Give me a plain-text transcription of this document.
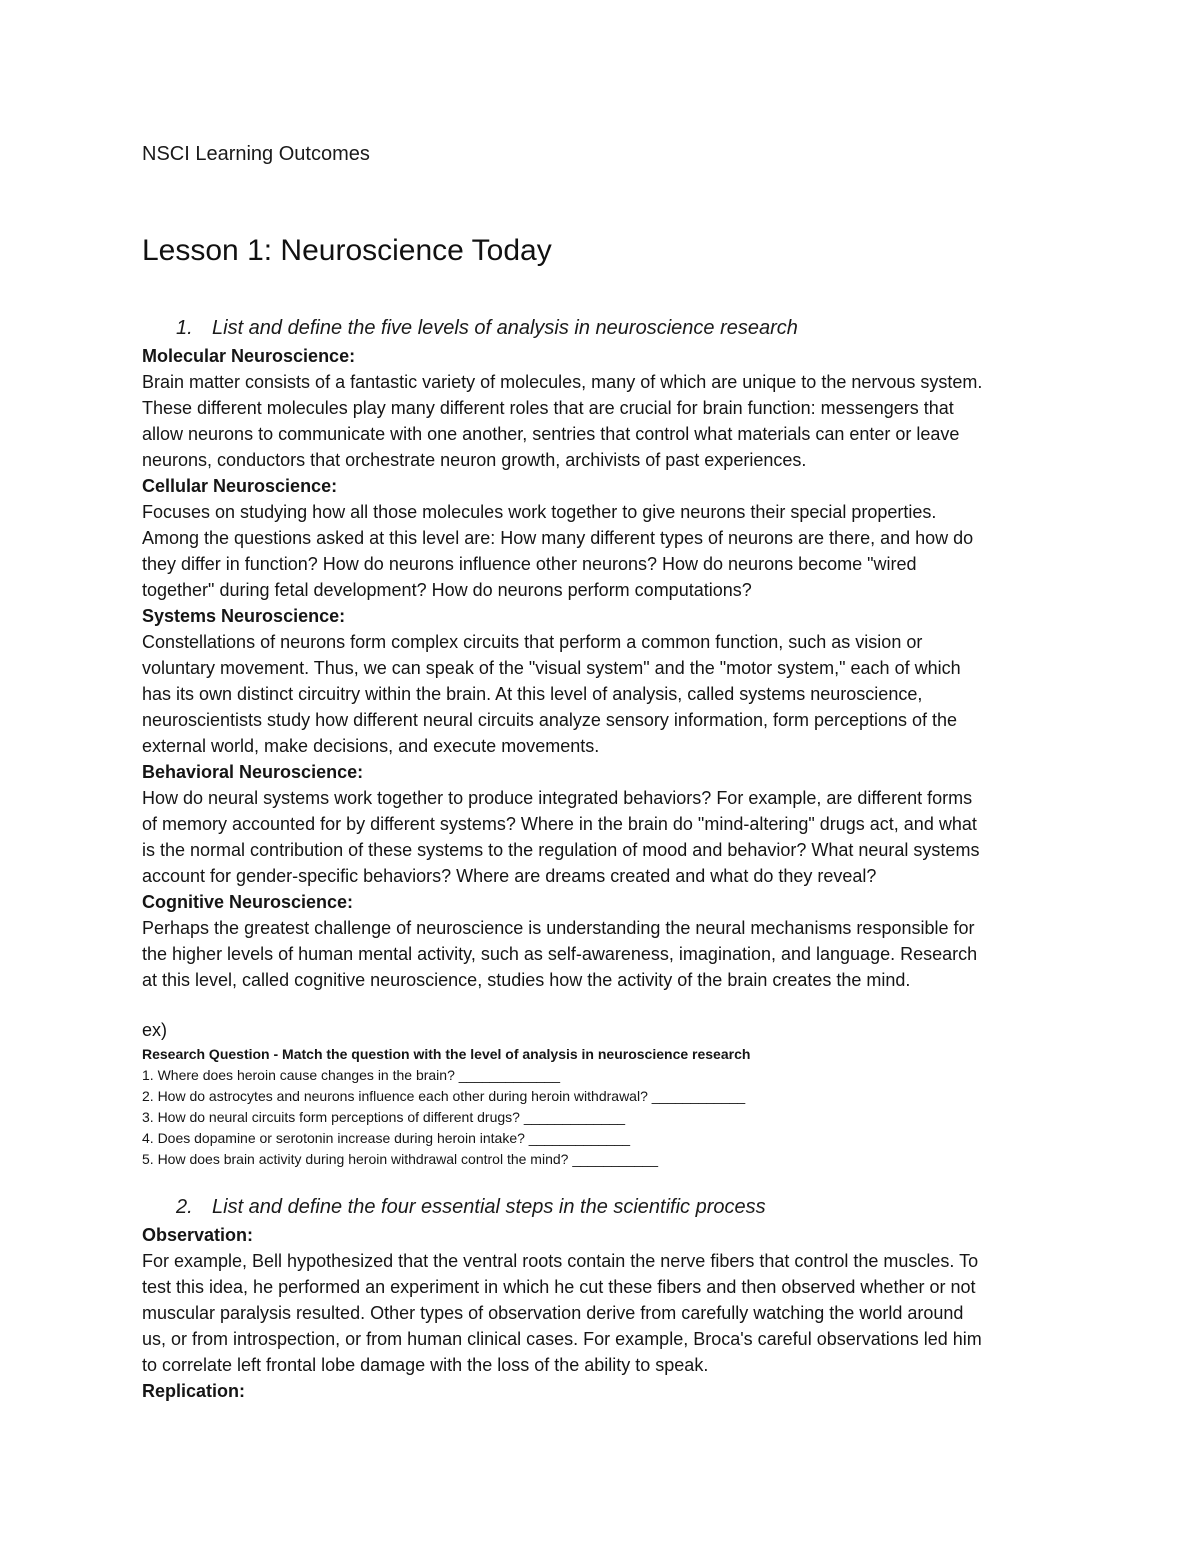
NSCI Learning Outcomes
Lesson 1: Neuroscience Today
1. List and define the five levels of analysis in neuroscience research
Molecular Neuroscience:
Brain matter consists of a fantastic variety of molecules, many of which are unique to the nervous system.
These different molecules play many different roles that are crucial for brain function: messengers that
allow neurons to communicate with one another, sentries that control what materials can enter or leave
neurons, conductors that orchestrate neuron growth, archivists of past experiences.
Cellular Neuroscience:
Focuses on studying how all those molecules work together to give neurons their special properties.
Among the questions asked at this level are: How many different types of neurons are there, and how do
they differ in function? How do neurons influence other neurons? How do neurons become "wired
together" during fetal development? How do neurons perform computations?
Systems Neuroscience:
Constellations of neurons form complex circuits that perform a common function, such as vision or
voluntary movement. Thus, we can speak of the "visual system" and the "motor system," each of which
has its own distinct circuitry within the brain. At this level of analysis, called systems neuroscience,
neuroscientists study how different neural circuits analyze sensory information, form perceptions of the
external world, make decisions, and execute movements.
Behavioral Neuroscience:
How do neural systems work together to produce integrated behaviors? For example, are different forms
of memory accounted for by different systems? Where in the brain do "mind-altering" drugs act, and what
is the normal contribution of these systems to the regulation of mood and behavior? What neural systems
account for gender-specific behaviors? Where are dreams created and what do they reveal?
Cognitive Neuroscience:
Perhaps the greatest challenge of neuroscience is understanding the neural mechanisms responsible for
the higher levels of human mental activity, such as self-awareness, imagination, and language. Research
at this level, called cognitive neuroscience, studies how the activity of the brain creates the mind.
ex)
Research Question - Match the question with the level of analysis in neuroscience research
1. Where does heroin cause changes in the brain? _____________
2. How do astrocytes and neurons influence each other during heroin withdrawal? ____________
3. How do neural circuits form perceptions of different drugs? _____________
4. Does dopamine or serotonin increase during heroin intake? _____________
5. How does brain activity during heroin withdrawal control the mind? ___________
2. List and define the four essential steps in the scientific process
Observation:
For example, Bell hypothesized that the ventral roots contain the nerve fibers that control the muscles. To
test this idea, he performed an experiment in which he cut these fibers and then observed whether or not
muscular paralysis resulted. Other types of observation derive from carefully watching the world around
us, or from introspection, or from human clinical cases. For example, Broca's careful observations led him
to correlate left frontal lobe damage with the loss of the ability to speak.
Replication:
